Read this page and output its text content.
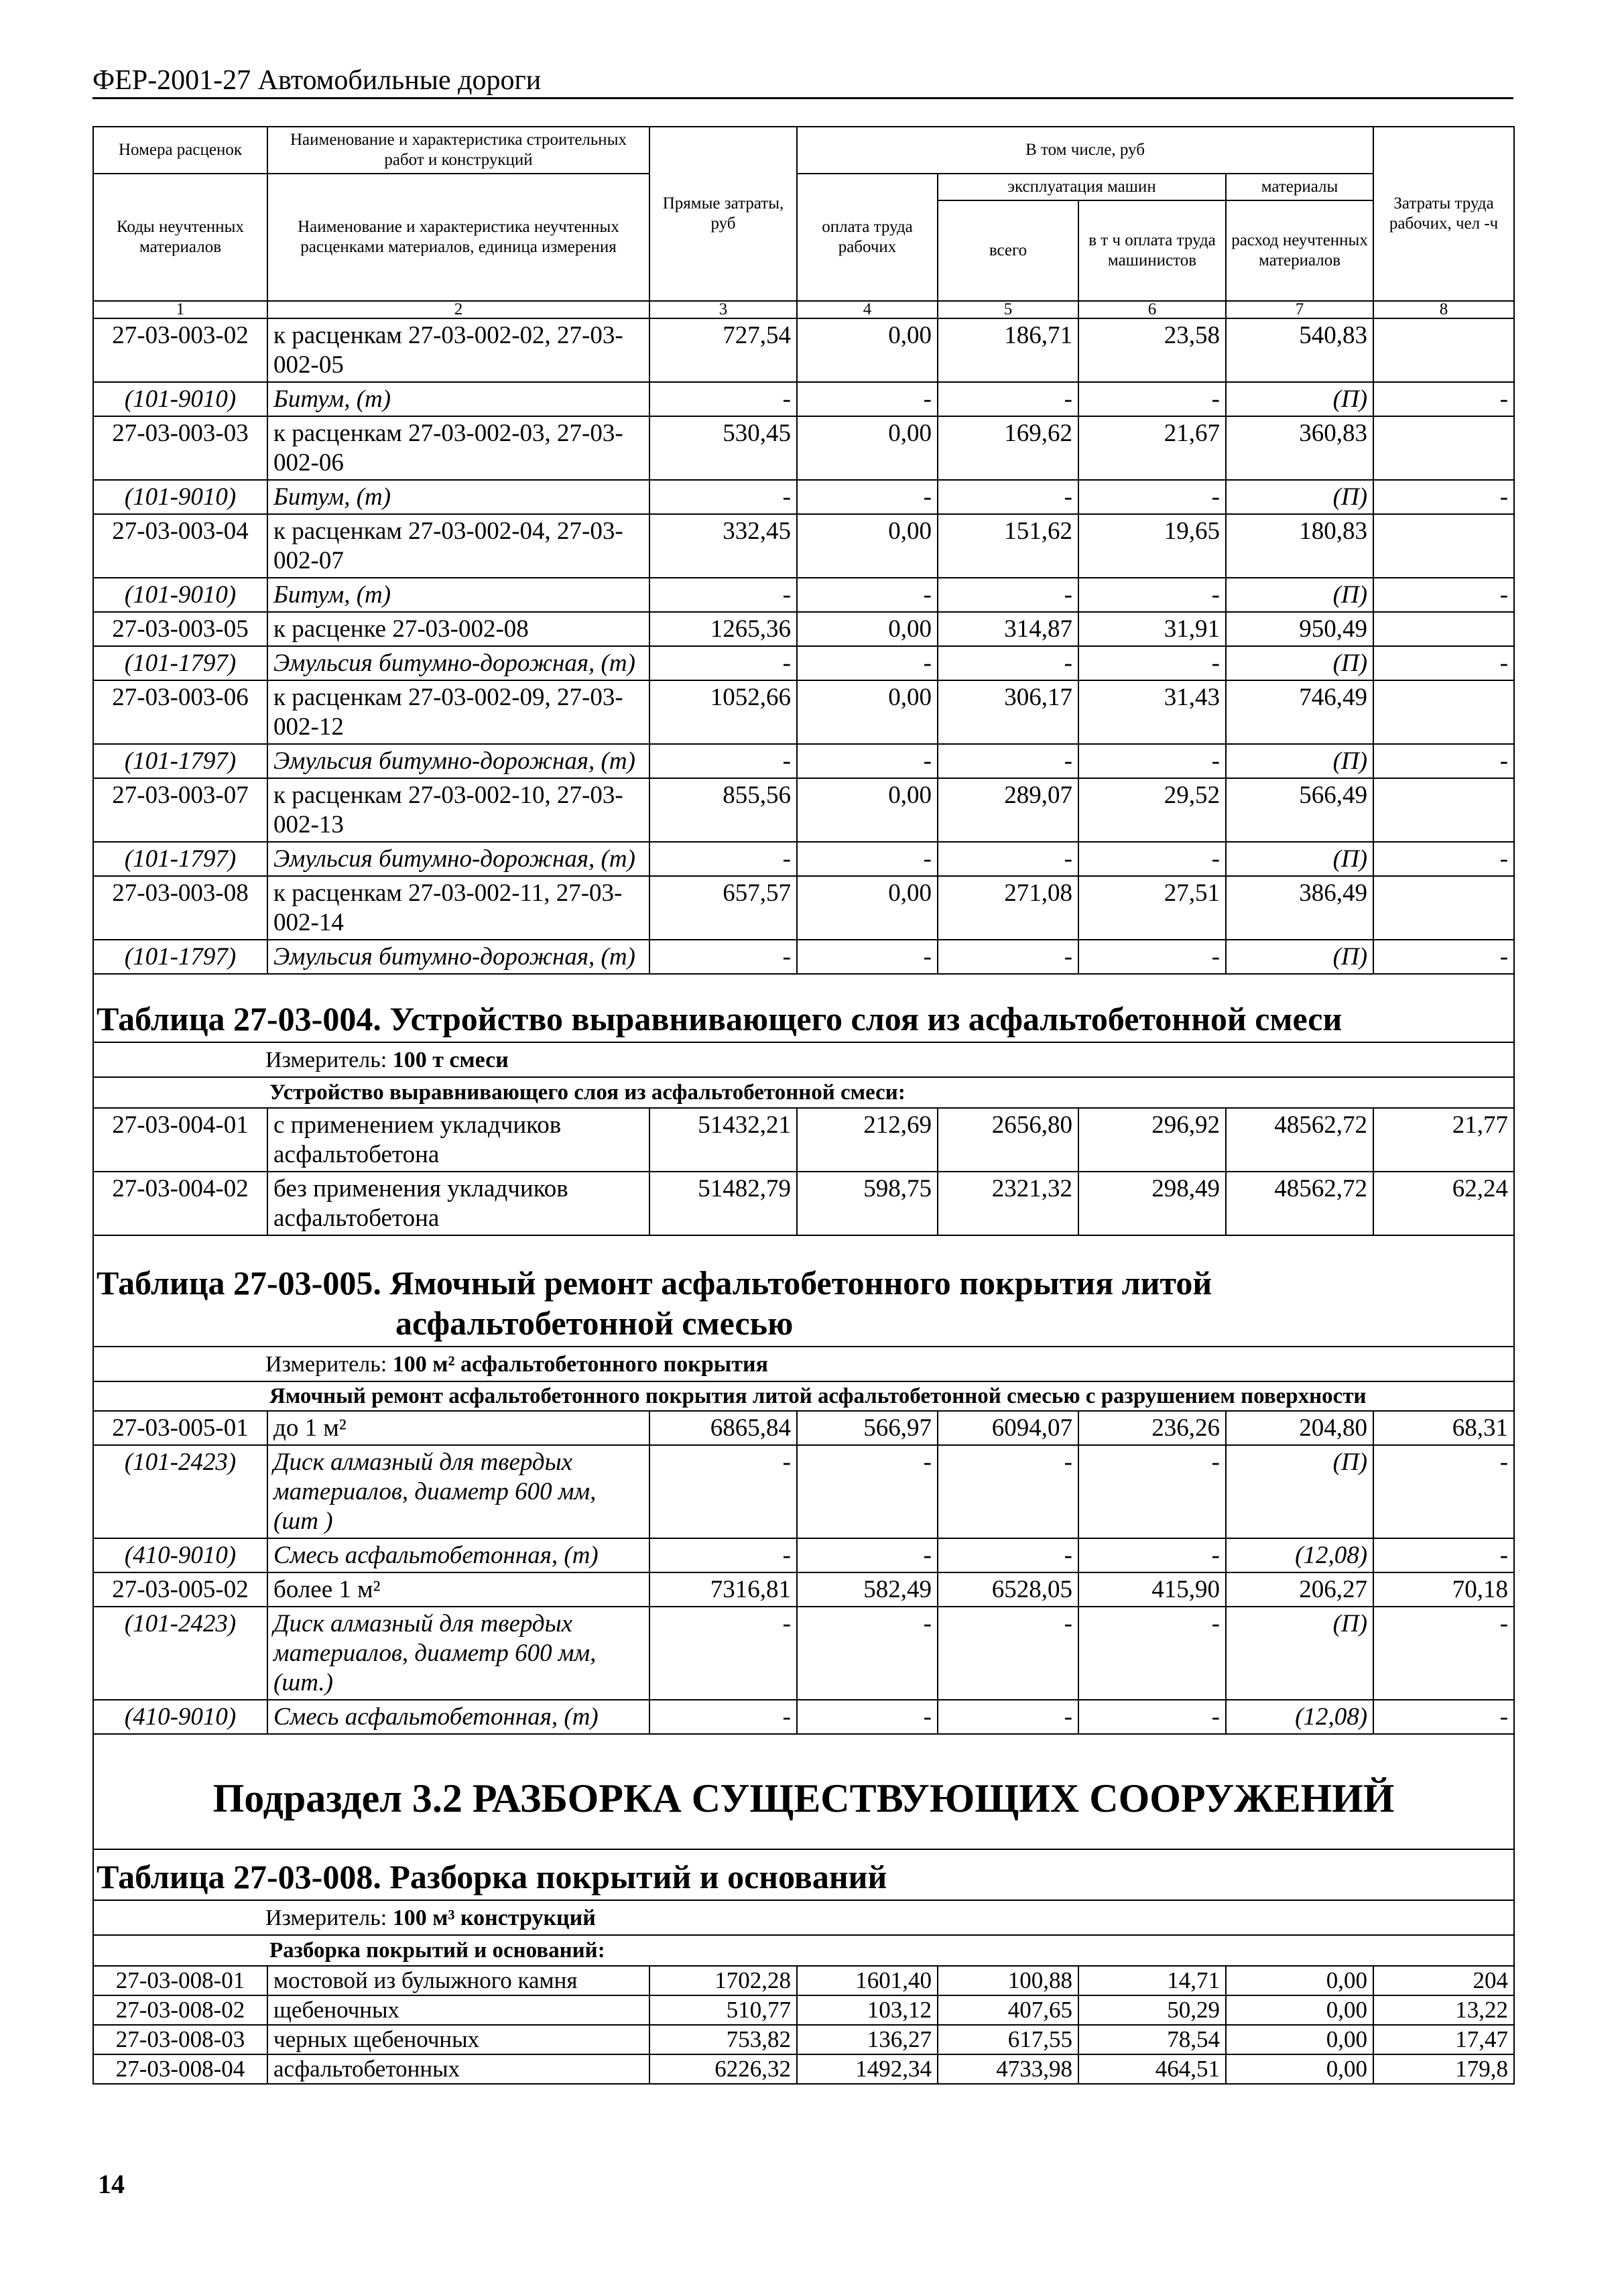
ФЕР-2001-27 Автомобильные дороги
Номера расценок	Наименование и характеристика строительных работ и конструкций	Прямые затраты, руб	В том числе, руб				Затраты труда рабочих, чел -ч
Коды неучтенных материалов	Наименование и характеристика неучтенных расценками материалов, единица измерения		оплата труда рабочих	эксплуатация машин		материалы	
				всего	в т ч оплата труда машинистов	расход неучтенных материалов	
1	2	3	4	5	6	7	8
27-03-003-02	к расценкам 27-03-002-02, 27-03-002-05	727,54	0,00	186,71	23,58	540,83	
(101-9010)	Битум, (т)	-	-	-	-	(П)	-
27-03-003-03	к расценкам 27-03-002-03, 27-03-002-06	530,45	0,00	169,62	21,67	360,83	
(101-9010)	Битум, (т)	-	-	-	-	(П)	-
27-03-003-04	к расценкам 27-03-002-04, 27-03-002-07	332,45	0,00	151,62	19,65	180,83	
(101-9010)	Битум, (т)	-	-	-	-	(П)	-
27-03-003-05	к расценке 27-03-002-08	1265,36	0,00	314,87	31,91	950,49	
(101-1797)	Эмульсия битумно-дорожная, (т)	-	-	-	-	(П)	-
27-03-003-06	к расценкам 27-03-002-09, 27-03-002-12	1052,66	0,00	306,17	31,43	746,49	
(101-1797)	Эмульсия битумно-дорожная, (т)	-	-	-	-	(П)	-
27-03-003-07	к расценкам 27-03-002-10, 27-03-002-13	855,56	0,00	289,07	29,52	566,49	
(101-1797)	Эмульсия битумно-дорожная, (т)	-	-	-	-	(П)	-
27-03-003-08	к расценкам 27-03-002-11, 27-03-002-14	657,57	0,00	271,08	27,51	386,49	
(101-1797)	Эмульсия битумно-дорожная, (т)	-	-	-	-	(П)	-
Таблица 27-03-004. Устройство выравнивающего слоя из асфальтобетонной смеси							
Измеритель: 100 т смеси							
Устройство выравнивающего слоя из асфальтобетонной смеси:							
27-03-004-01	с применением укладчиков асфальтобетона	51432,21	212,69	2656,80	296,92	48562,72	21,77
27-03-004-02	без применения укладчиков асфальтобетона	51482,79	598,75	2321,32	298,49	48562,72	62,24
Таблица 27-03-005. Ямочный ремонт асфальтобетонного покрытия литой
асфальтобетонной смесью							
Измеритель: 100 м² асфальтобетонного покрытия							
Ямочный ремонт асфальтобетонного покрытия литой асфальтобетонной смесью с разрушением поверхности							
27-03-005-01	до 1 м²	6865,84	566,97	6094,07	236,26	204,80	68,31
(101-2423)	Диск алмазный для твердых материалов, диаметр 600 мм, (шт )	-	-	-	-	(П)	-
(410-9010)	Смесь асфальтобетонная, (т)	-	-	-	-	(12,08)	-
27-03-005-02	более 1 м²	7316,81	582,49	6528,05	415,90	206,27	70,18
(101-2423)	Диск алмазный для твердых материалов, диаметр 600 мм, (шт.)	-	-	-	-	(П)	-
(410-9010)	Смесь асфальтобетонная, (т)	-	-	-	-	(12,08)	-
Подраздел 3.2 РАЗБОРКА СУЩЕСТВУЮЩИХ СООРУЖЕНИЙ							
Таблица 27-03-008. Разборка покрытий и оснований							
Измеритель: 100 м³ конструкций							
Разборка покрытий и оснований:							
27-03-008-01	мостовой из булыжного камня	1702,28	1601,40	100,88	14,71	0,00	204
27-03-008-02	щебеночных	510,77	103,12	407,65	50,29	0,00	13,22
27-03-008-03	черных щебеночных	753,82	136,27	617,55	78,54	0,00	17,47
27-03-008-04	асфальтобетонных	6226,32	1492,34	4733,98	464,51	0,00	179,8
14
